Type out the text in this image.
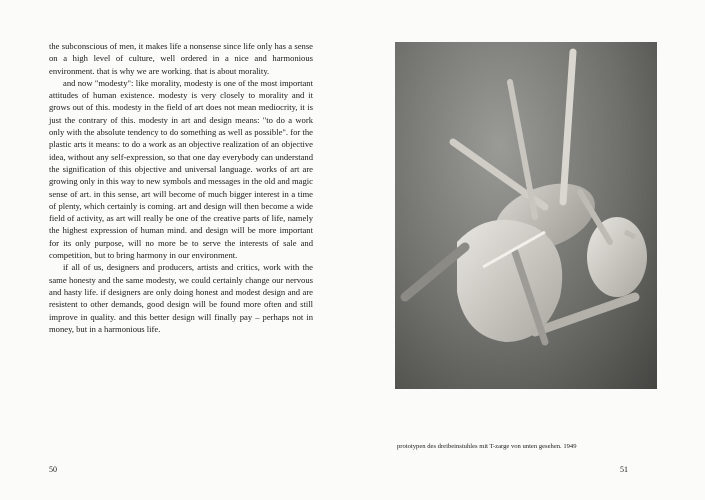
the subconscious of men, it makes life a nonsense since life only has a sense on a high level of culture, well ordered in a nice and harmonious environment. that is why we are working. that is about morality.

and now "modesty": like morality, modesty is one of the most important attitudes of human existence. modesty is very closely to morality and it grows out of this. modesty in the field of art does not mean mediocrity, it is just the contrary of this. modesty in art and design means: "to do a work only with the absolute tendency to do something as well as possible". for the plastic arts it means: to do a work as an objective realization of an objective idea, without any self-expression, so that one day everybody can understand the signification of this objective and universal language. works of art are growing only in this way to new symbols and messages in the old and magic sense of art. in this sense, art will become of much bigger interest in a time of plenty, which certainly is coming. art and design will then become a wide field of activity, as art will really be one of the creative parts of life, namely the highest expression of human mind. and design will be more important for its only purpose, will no more be to serve the interests of sale and competition, but to bring harmony in our environment.

if all of us, designers and producers, artists and critics, work with the same honesty and the same modesty, we could certainly change our nervous and hasty life. if designers are only doing honest and modest design and are resistent to other demands, good design will be found more often and still improve in quality. and this better design will finally pay – perhaps not in money, but in a harmonious life.

50
prototypen des dreibeinstuhles mit T-zarge von unten gesehen. 1949
51
